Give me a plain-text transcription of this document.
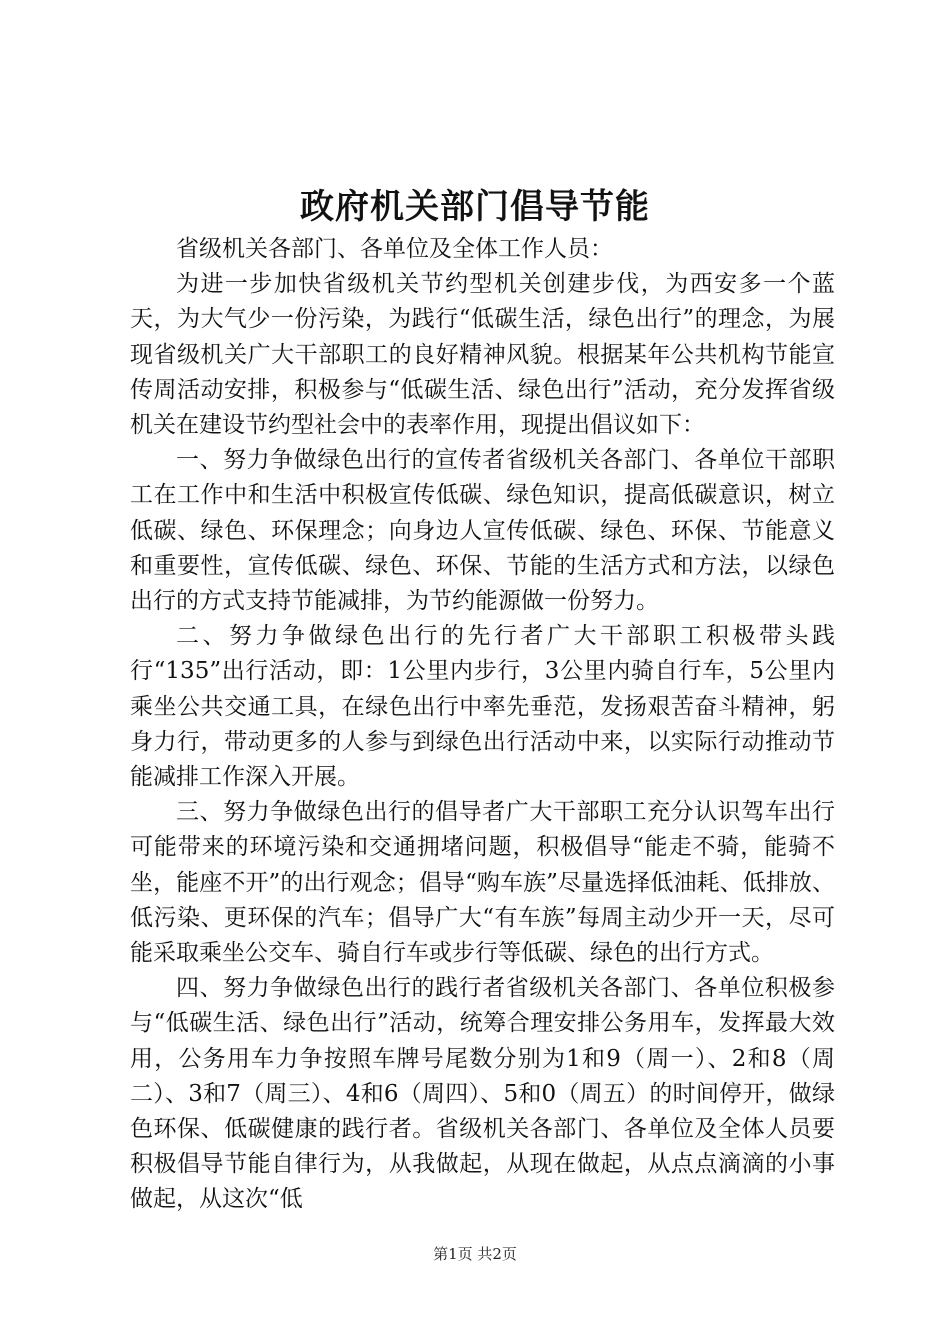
政府机关部门倡导节能

省级机关各部门、各单位及全体工作人员：

为进一步加快省级机关节约型机关创建步伐，为西安多一个蓝天，为大气少一份污染，为践行“低碳生活，绿色出行”的理念，为展现省级机关广大干部职工的良好精神风貌。根据某年公共机构节能宣传周活动安排，积极参与“低碳生活、绿色出行”活动，充分发挥省级机关在建设节约型社会中的表率作用，现提出倡议如下：

一、努力争做绿色出行的宣传者省级机关各部门、各单位干部职工在工作中和生活中积极宣传低碳、绿色知识，提高低碳意识，树立低碳、绿色、环保理念；向身边人宣传低碳、绿色、环保、节能意义和重要性，宣传低碳、绿色、环保、节能的生活方式和方法，以绿色出行的方式支持节能减排，为节约能源做一份努力。

二、努力争做绿色出行的先行者广大干部职工积极带头践行“135”出行活动，即：1公里内步行，3公里内骑自行车，5公里内乘坐公共交通工具，在绿色出行中率先垂范，发扬艰苦奋斗精神，躬身力行，带动更多的人参与到绿色出行活动中来，以实际行动推动节能减排工作深入开展。

三、努力争做绿色出行的倡导者广大干部职工充分认识驾车出行可能带来的环境污染和交通拥堵问题，积极倡导“能走不骑，能骑不坐，能座不开”的出行观念；倡导“购车族”尽量选择低油耗、低排放、低污染、更环保的汽车；倡导广大“有车族”每周主动少开一天，尽可能采取乘坐公交车、骑自行车或步行等低碳、绿色的出行方式。

四、努力争做绿色出行的践行者省级机关各部门、各单位积极参与“低碳生活、绿色出行”活动，统筹合理安排公务用车，发挥最大效用，公务用车力争按照车牌号尾数分别为1和9（周一）、2和8（周二）、3和7（周三）、4和6（周四）、5和0（周五）的时间停开，做绿色环保、低碳健康的践行者。省级机关各部门、各单位及全体人员要积极倡导节能自律行为，从我做起，从现在做起，从点点滴滴的小事做起，从这次“低

第1页 共2页
